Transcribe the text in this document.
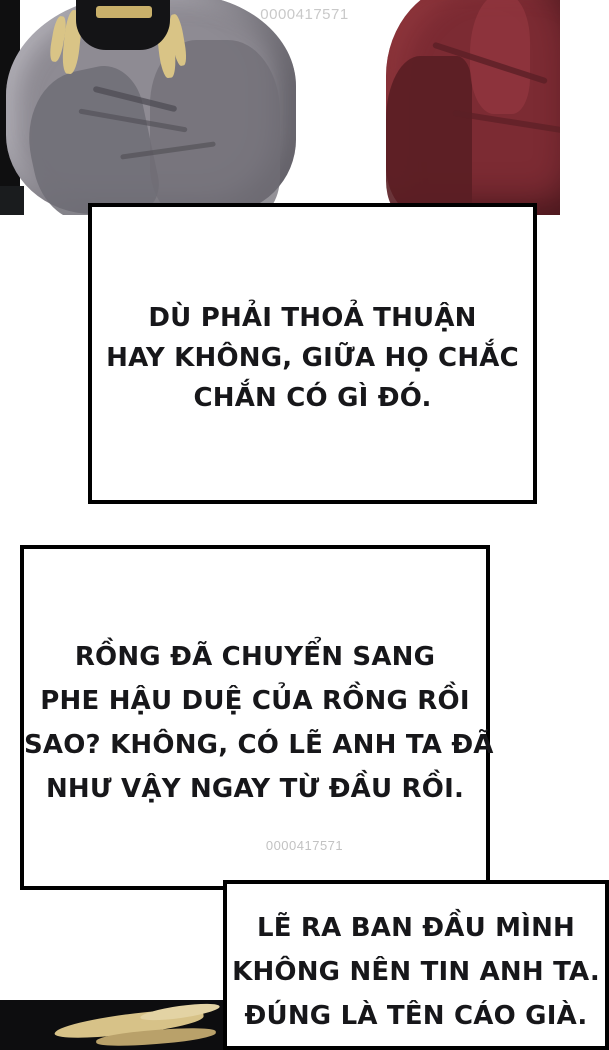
0000417571
DÙ PHẢI THOẢ THUẬN
HAY KHÔNG, GIỮA HỌ CHẮC
CHẮN CÓ GÌ ĐÓ.
RỒNG ĐÃ CHUYỂN SANG
PHE HẬU DUỆ CỦA RỒNG RỒI
SAO? KHÔNG, CÓ LẼ ANH TA ĐÃ
NHƯ VẬY NGAY TỪ ĐẦU RỒI.
0000417571
LẼ RA BAN ĐẦU MÌNH
KHÔNG NÊN TIN ANH TA.
ĐÚNG LÀ TÊN CÁO GIÀ.
